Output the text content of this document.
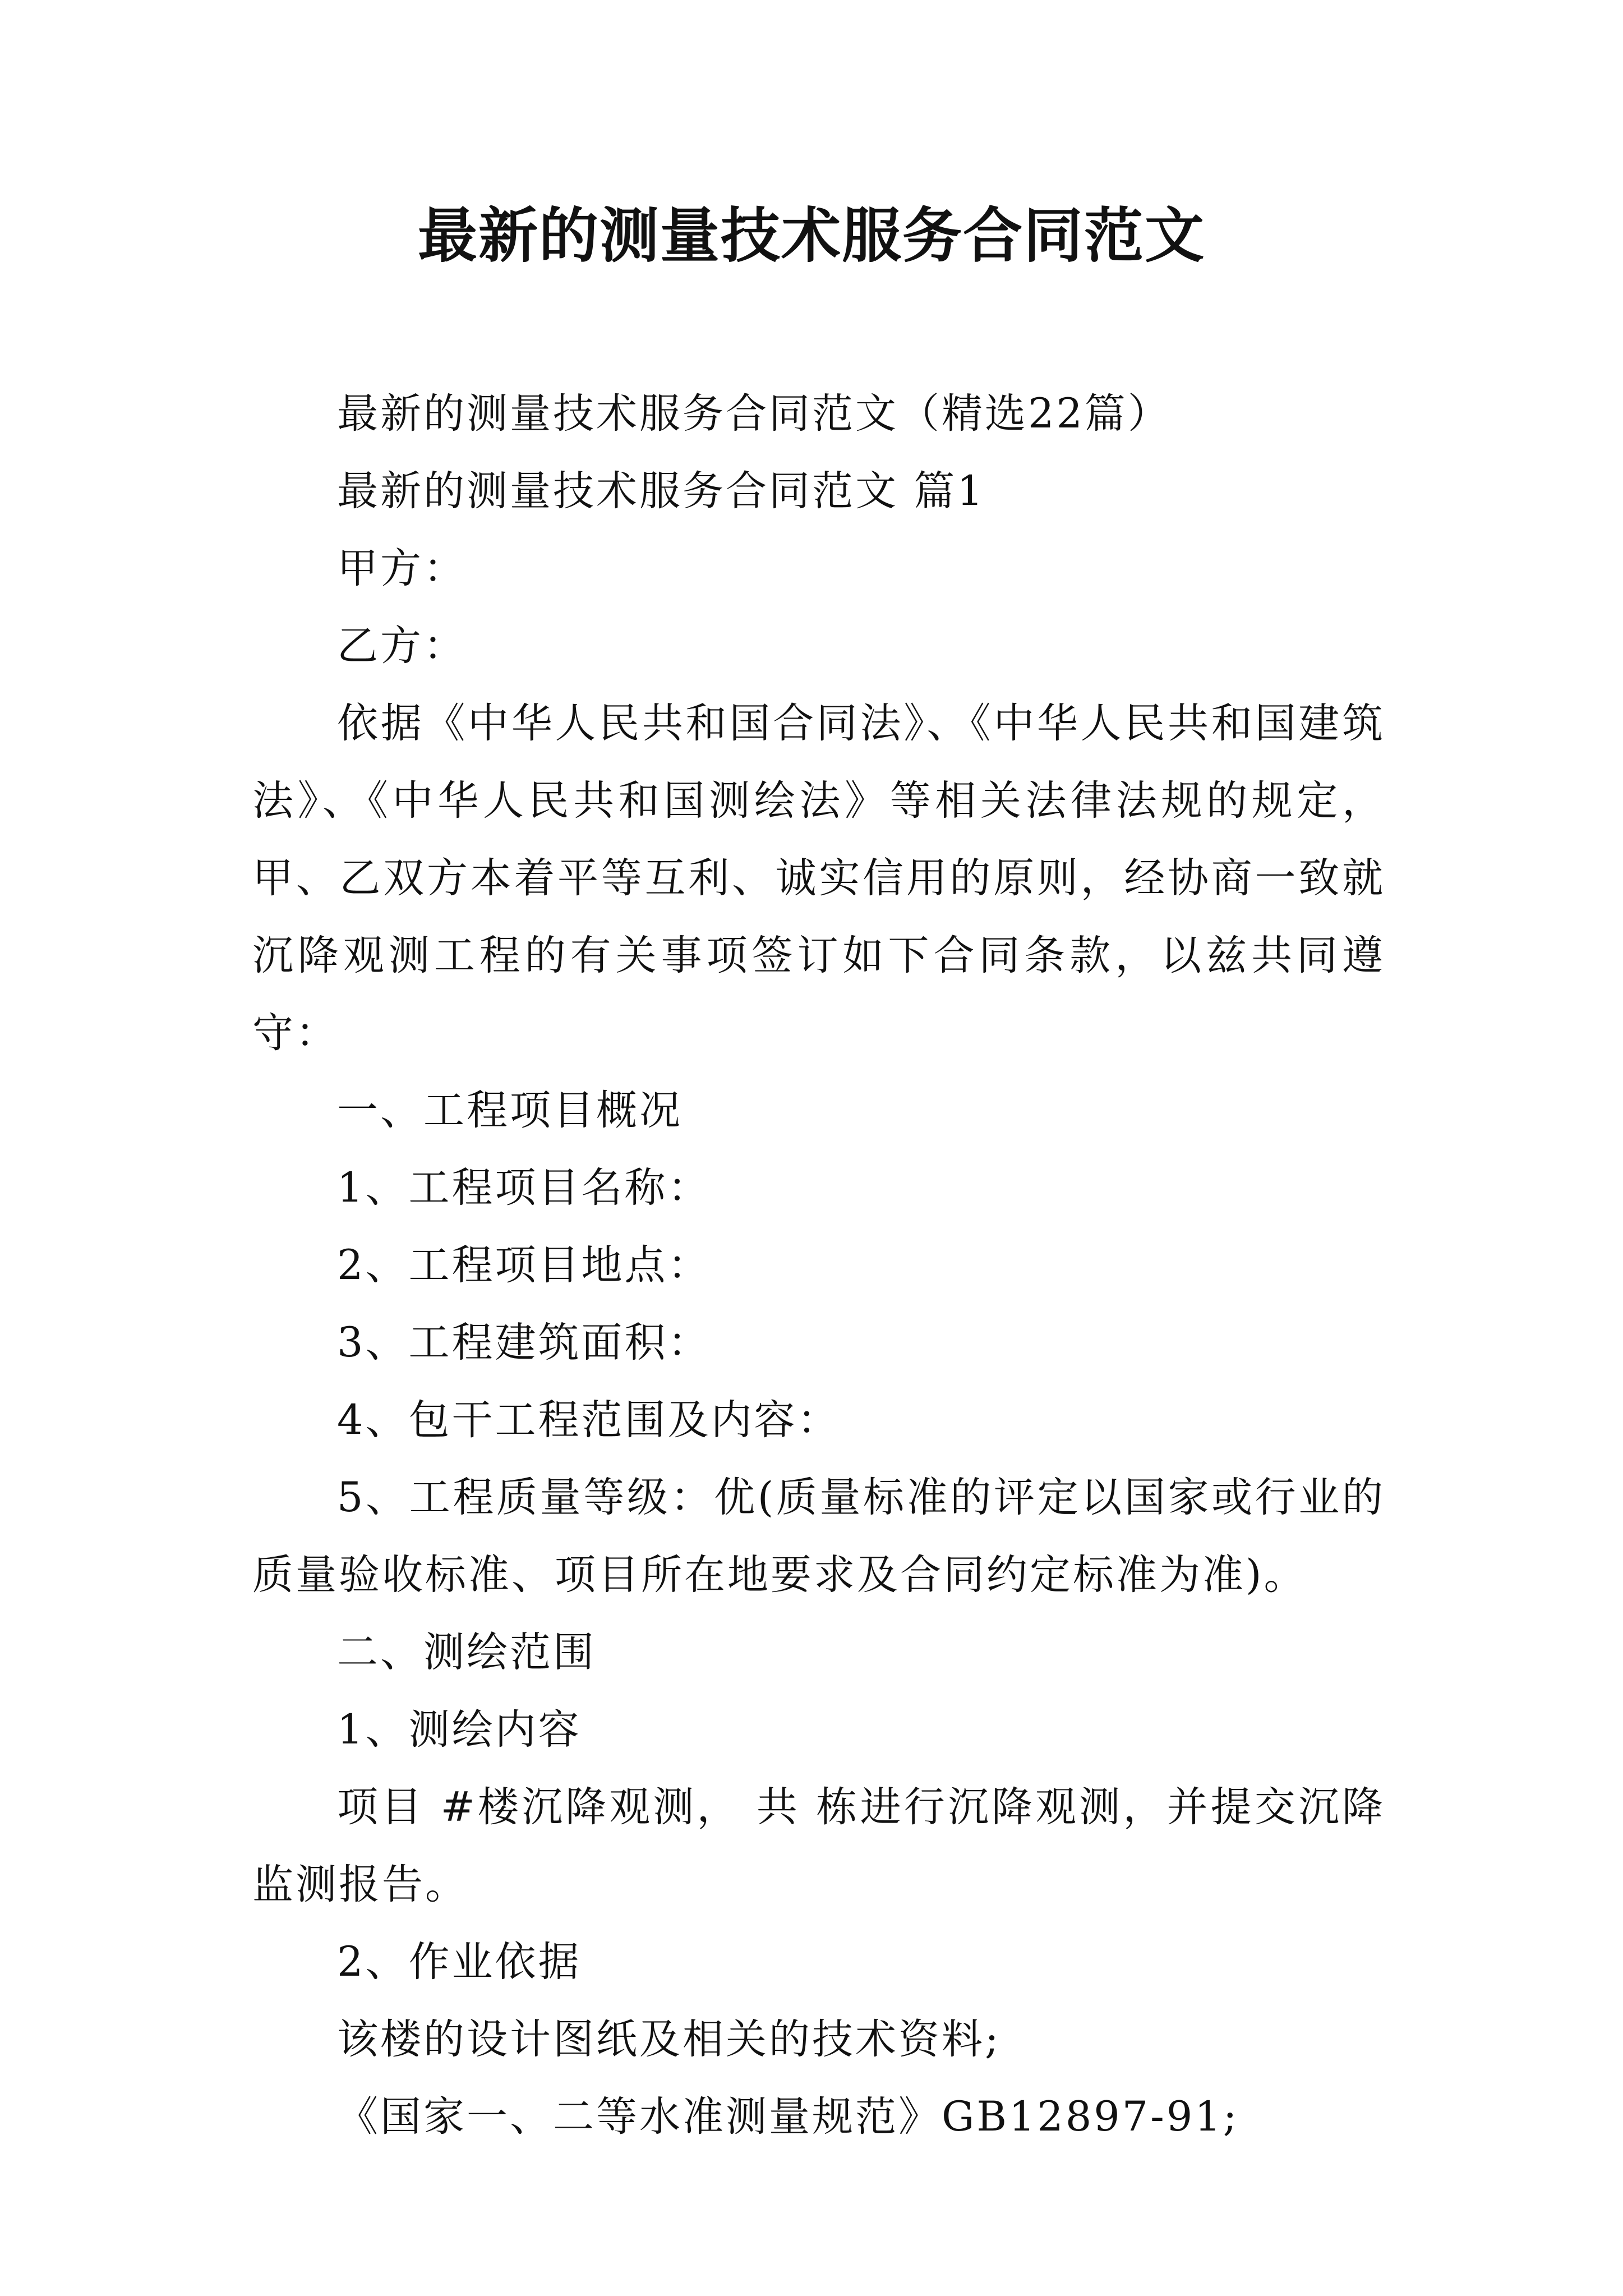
最新的测量技术服务合同范文

最新的测量技术服务合同范文（精选22篇）

最新的测量技术服务合同范文 篇1

甲方：

乙方：

依据《中华人民共和国合同法》、《中华人民共和国建筑法》、《中华人民共和国测绘法》等相关法律法规的规定，甲、乙双方本着平等互利、诚实信用的原则，经协商一致就 沉降观测工程的有关事项签订如下合同条款，以兹共同遵守：

一、工程项目概况

1、工程项目名称：

2、工程项目地点：

3、工程建筑面积：

4、包干工程范围及内容：

5、工程质量等级：优(质量标准的评定以国家或行业的质量验收标准、项目所在地要求及合同约定标准为准)。

二、测绘范围

1、测绘内容

项目 #楼沉降观测， 共 栋进行沉降观测，并提交沉降监测报告。

2、作业依据

该楼的设计图纸及相关的技术资料;

《国家一、二等水准测量规范》GB12897-91;
